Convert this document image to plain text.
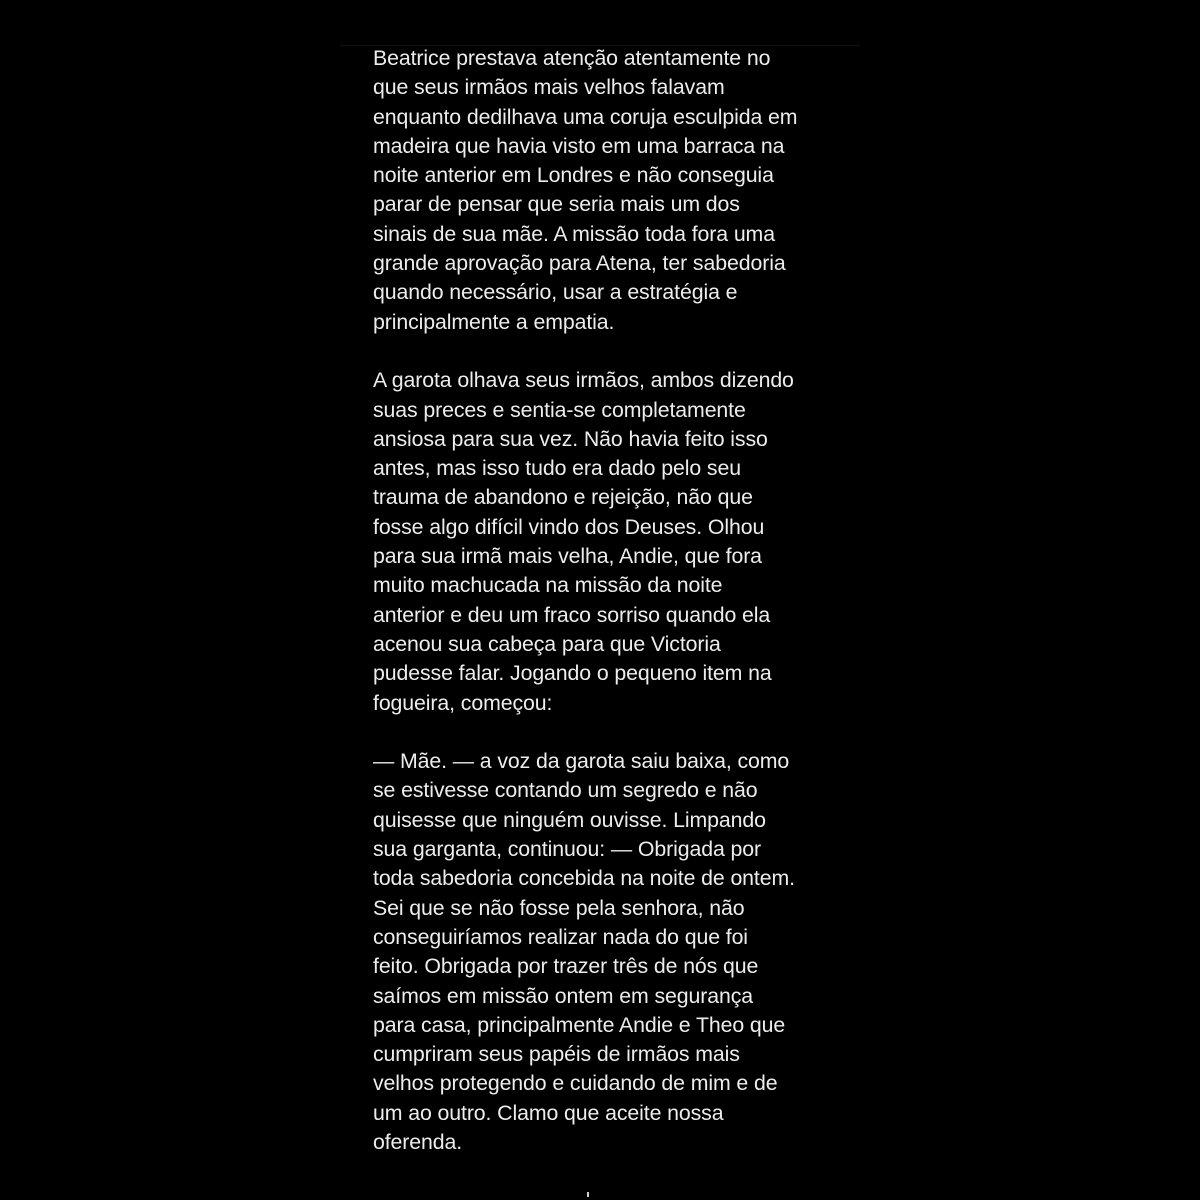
Beatrice prestava atenção atentamente no
que seus irmãos mais velhos falavam
enquanto dedilhava uma coruja esculpida em
madeira que havia visto em uma barraca na
noite anterior em Londres e não conseguia
parar de pensar que seria mais um dos
sinais de sua mãe. A missão toda fora uma
grande aprovação para Atena, ter sabedoria
quando necessário, usar a estratégia e
principalmente a empatia.

A garota olhava seus irmãos, ambos dizendo
suas preces e sentia-se completamente
ansiosa para sua vez. Não havia feito isso
antes, mas isso tudo era dado pelo seu
trauma de abandono e rejeição, não que
fosse algo difícil vindo dos Deuses. Olhou
para sua irmã mais velha, Andie, que fora
muito machucada na missão da noite
anterior e deu um fraco sorriso quando ela
acenou sua cabeça para que Victoria
pudesse falar. Jogando o pequeno item na
fogueira, começou:

— Mãe. — a voz da garota saiu baixa, como
se estivesse contando um segredo e não
quisesse que ninguém ouvisse. Limpando
sua garganta, continuou: — Obrigada por
toda sabedoria concebida na noite de ontem.
Sei que se não fosse pela senhora, não
conseguiríamos realizar nada do que foi
feito. Obrigada por trazer três de nós que
saímos em missão ontem em segurança
para casa, principalmente Andie e Theo que
cumpriram seus papéis de irmãos mais
velhos protegendo e cuidando de mim e de
um ao outro. Clamo que aceite nossa
oferenda.
